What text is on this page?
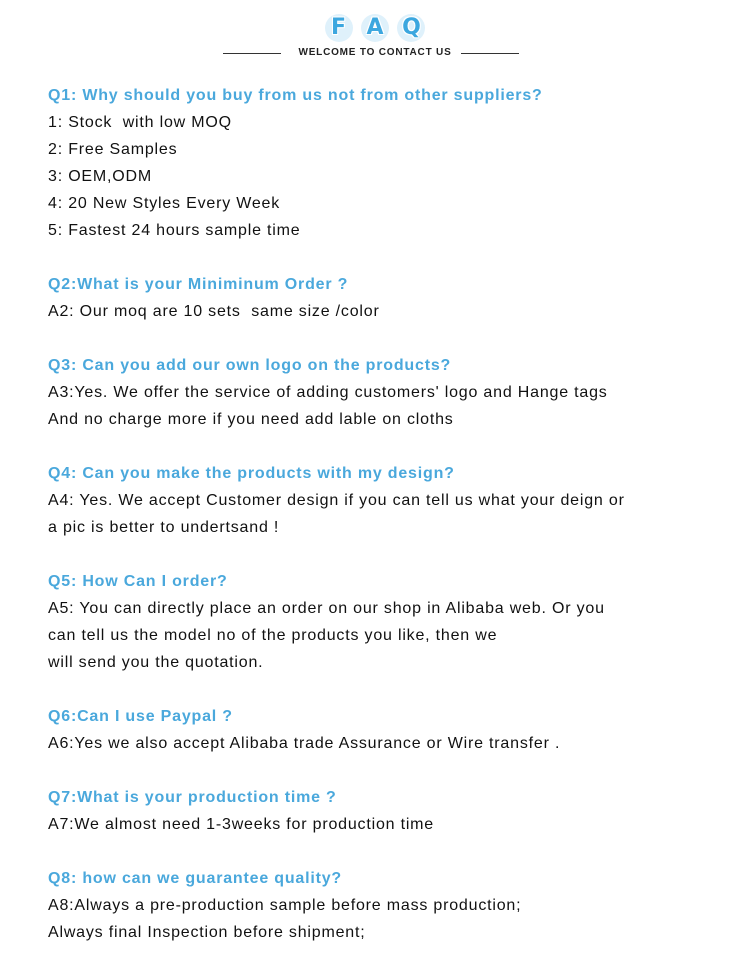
F A Q
WELCOME TO CONTACT US
Q1: Why should you buy from us not from other suppliers?
1: Stock  with low MOQ
2: Free Samples
3: OEM,ODM
4: 20 New Styles Every Week
5: Fastest 24 hours sample time
Q2:What is your Miniminum Order ?
A2: Our moq are 10 sets  same size /color
Q3: Can you add our own logo on the products?
A3:Yes. We offer the service of adding customers' logo and Hange tags
And no charge more if you need add lable on cloths
Q4: Can you make the products with my design?
A4: Yes. We accept Customer design if you can tell us what your deign or
a pic is better to undertsand !
Q5: How Can I order?
A5: You can directly place an order on our shop in Alibaba web. Or you
can tell us the model no of the products you like, then we
will send you the quotation.
Q6:Can I use Paypal ?
A6:Yes we also accept Alibaba trade Assurance or Wire transfer .
Q7:What is your production time ?
A7:We almost need 1-3weeks for production time
Q8: how can we guarantee quality?
A8:Always a pre-production sample before mass production;
Always final Inspection before shipment;
